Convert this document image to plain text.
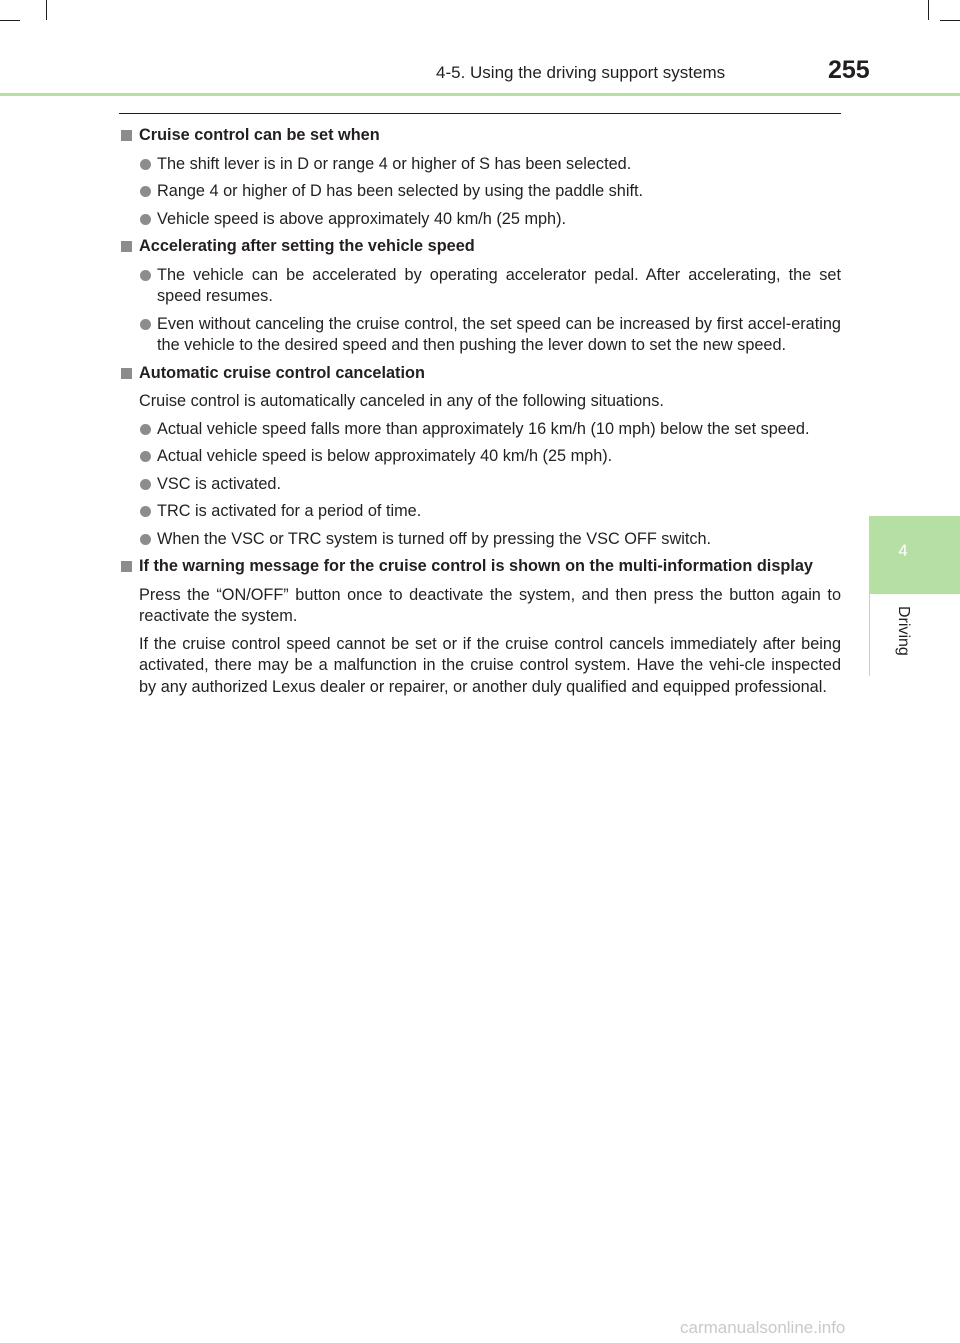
4-5. Using the driving support systems	255
4
Driving
Cruise control can be set when
The shift lever is in D or range 4 or higher of S has been selected.
Range 4 or higher of D has been selected by using the paddle shift.
Vehicle speed is above approximately 40 km/h (25 mph).
Accelerating after setting the vehicle speed
The vehicle can be accelerated by operating accelerator pedal. After accelerating, the set speed resumes.
Even without canceling the cruise control, the set speed can be increased by first accel-erating the vehicle to the desired speed and then pushing the lever down to set the new speed.
Automatic cruise control cancelation
Cruise control is automatically canceled in any of the following situations.
Actual vehicle speed falls more than approximately 16 km/h (10 mph) below the set speed.
Actual vehicle speed is below approximately 40 km/h (25 mph).
VSC is activated.
TRC is activated for a period of time.
When the VSC or TRC system is turned off by pressing the VSC OFF switch.
If the warning message for the cruise control is shown on the multi-information display
Press the “ON/OFF” button once to deactivate the system, and then press the button again to reactivate the system.
If the cruise control speed cannot be set or if the cruise control cancels immediately after being activated, there may be a malfunction in the cruise control system. Have the vehi-cle inspected by any authorized Lexus dealer or repairer, or another duly qualified and equipped professional.
carmanualsonline.info
